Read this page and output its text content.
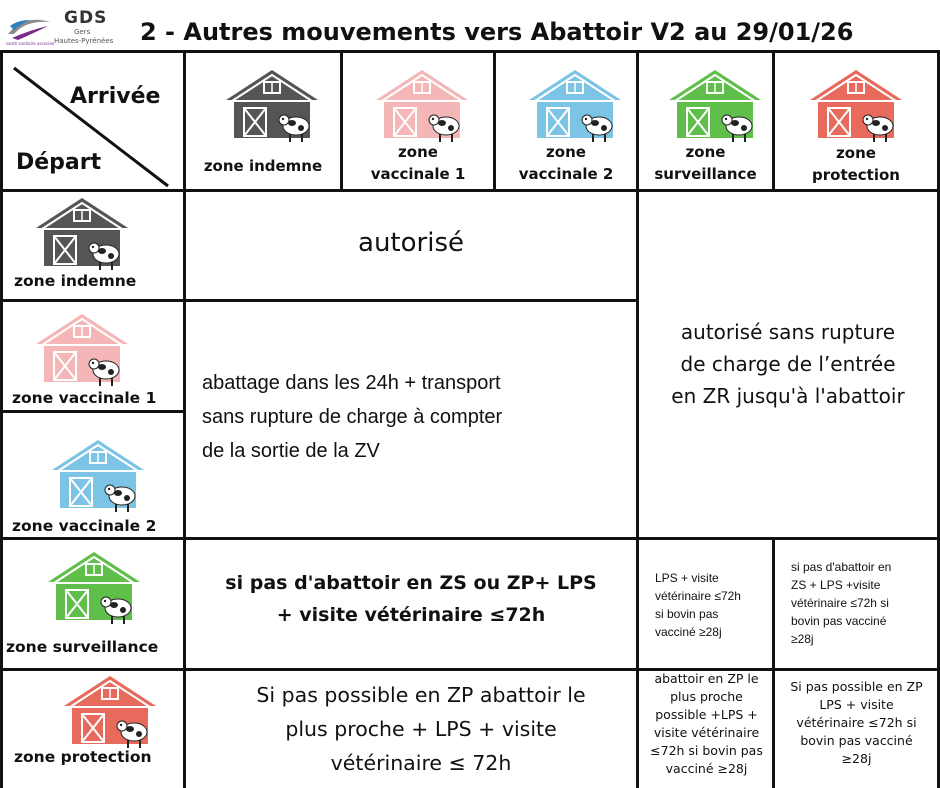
GDS
Gers
Hautes-Pyrénées
santé sanitaire associée	2 - Autres mouvements vers Abattoir V2 au 29/01/26
Arrivée
Départ	zone indemne
zone
vaccinale 1
zone
vaccinale 2
zone
surveillance
zone
protection
zone indemne
zone vaccinale 1
zone vaccinale 2
zone surveillance
zone protection
autorisé
autorisé sans rupture
de charge de l’entrée
en ZR jusqu'à l'abattoir
abattage dans les 24h + transport
sans rupture de charge à compter
de la sortie de la ZV
si pas d'abattoir en ZS ou ZP+ LPS
+ visite vétérinaire ≤72h
LPS + visite
vétérinaire ≤72h
si bovin pas
vacciné ≥28j
si pas d'abattoir en
ZS + LPS +visite
vétérinaire ≤72h si
bovin pas vacciné
≥28j
Si pas possible en ZP abattoir le
plus proche + LPS + visite
vétérinaire ≤ 72h
abattoir en ZP le
plus proche
possible +LPS +
visite vétérinaire
≤72h si bovin pas
vacciné ≥28j
Si pas possible en ZP
LPS + visite
vétérinaire ≤72h si
bovin pas vacciné
≥28j
